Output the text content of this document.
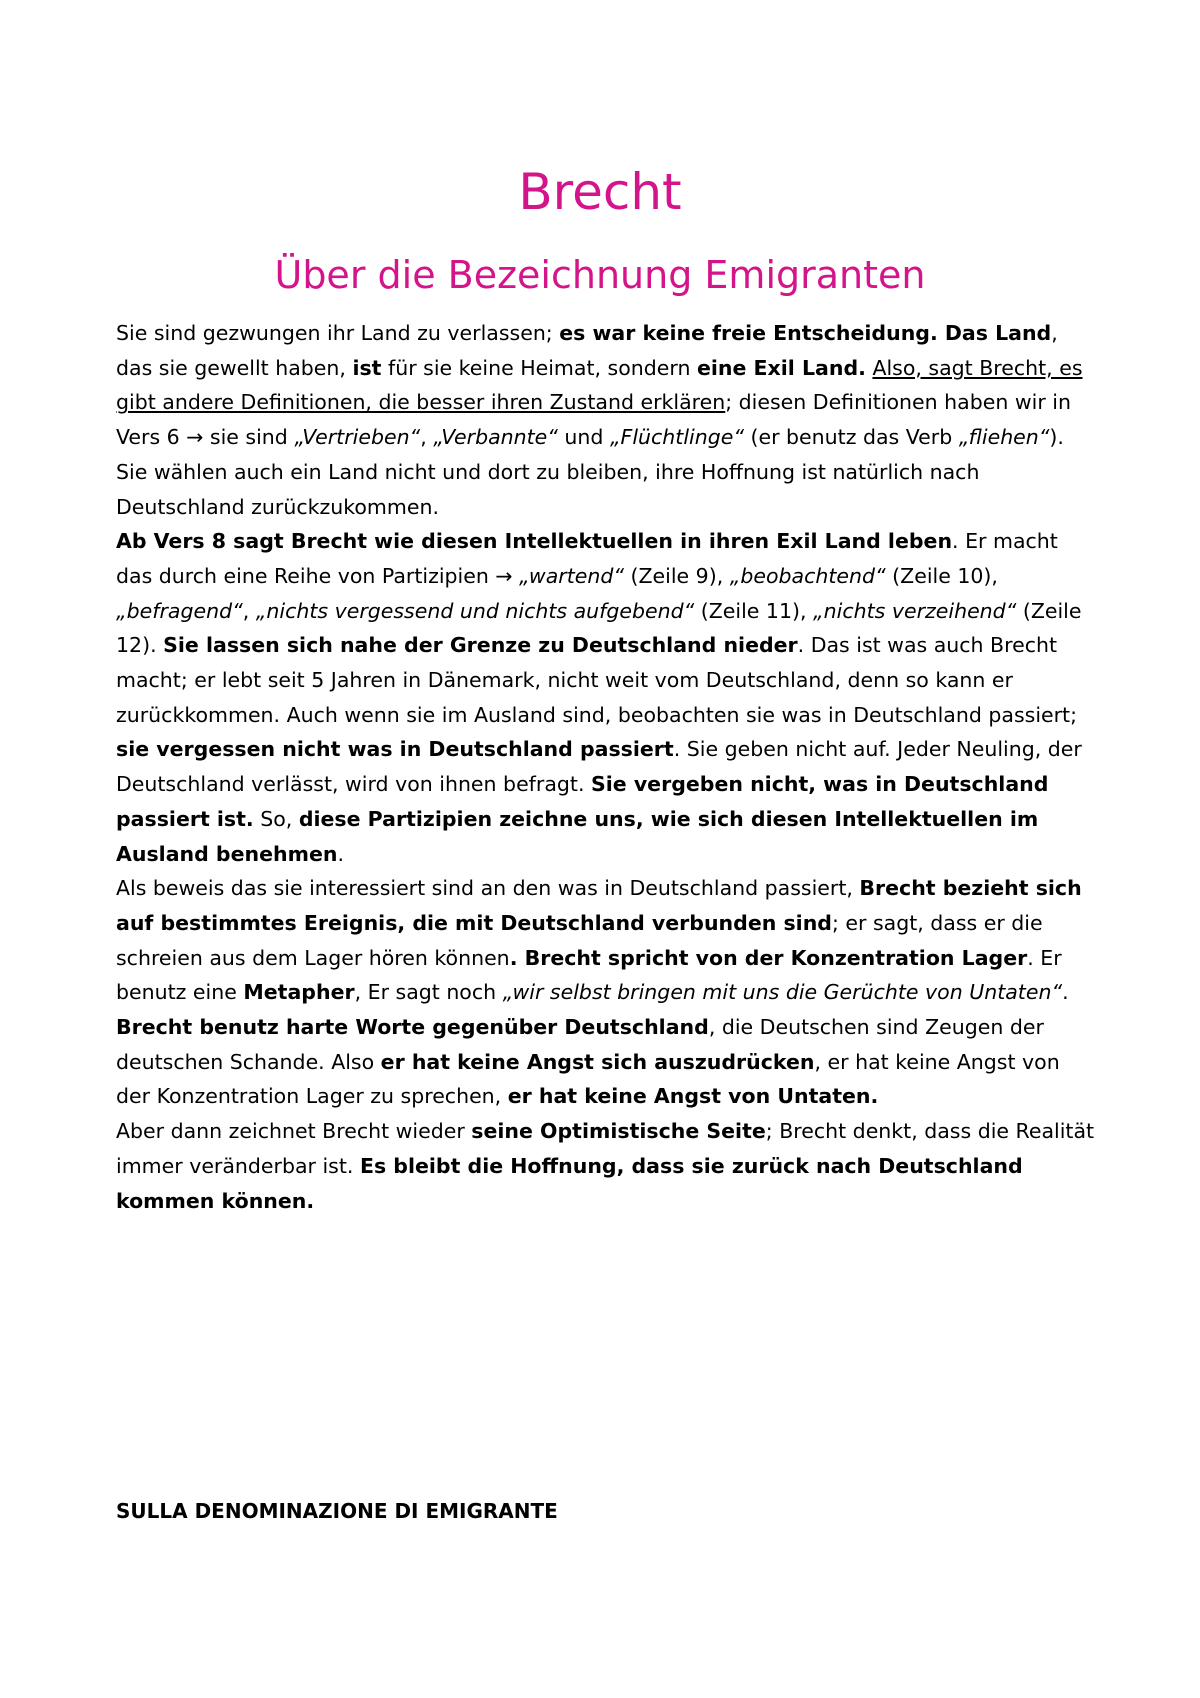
Brecht
Über die Bezeichnung Emigranten

Sie sind gezwungen ihr Land zu verlassen; es war keine freie Entscheidung. Das Land, das sie gewellt haben, ist für sie keine Heimat, sondern eine Exil Land. Also, sagt Brecht, es gibt andere Definitionen, die besser ihren Zustand erklären; diesen Definitionen haben wir in Vers 6 → sie sind „Vertrieben“, „Verbannte“ und „Flüchtlinge“ (er benutz das Verb „fliehen“). Sie wählen auch ein Land nicht und dort zu bleiben, ihre Hoffnung ist natürlich nach Deutschland zurückzukommen.

Ab Vers 8 sagt Brecht wie diesen Intellektuellen in ihren Exil Land leben. Er macht das durch eine Reihe von Partizipien → „wartend“ (Zeile 9), „beobachtend“ (Zeile 10), „befragend“, „nichts vergessend und nichts aufgebend“ (Zeile 11), „nichts verzeihend“ (Zeile 12). Sie lassen sich nahe der Grenze zu Deutschland nieder. Das ist was auch Brecht macht; er lebt seit 5 Jahren in Dänemark, nicht weit vom Deutschland, denn so kann er zurückkommen. Auch wenn sie im Ausland sind, beobachten sie was in Deutschland passiert; sie vergessen nicht was in Deutschland passiert. Sie geben nicht auf. Jeder Neuling, der Deutschland verlässt, wird von ihnen befragt. Sie vergeben nicht, was in Deutschland passiert ist. So, diese Partizipien zeichne uns, wie sich diesen Intellektuellen im Ausland benehmen.

Als beweis das sie interessiert sind an den was in Deutschland passiert, Brecht bezieht sich auf bestimmtes Ereignis, die mit Deutschland verbunden sind; er sagt, dass er die schreien aus dem Lager hören können. Brecht spricht von der Konzentration Lager. Er benutz eine Metapher, Er sagt noch „wir selbst bringen mit uns die Gerüchte von Untaten“. Brecht benutz harte Worte gegenüber Deutschland, die Deutschen sind Zeugen der deutschen Schande. Also er hat keine Angst sich auszudrücken, er hat keine Angst von der Konzentration Lager zu sprechen, er hat keine Angst von Untaten.

Aber dann zeichnet Brecht wieder seine Optimistische Seite; Brecht denkt, dass die Realität immer veränderbar ist. Es bleibt die Hoffnung, dass sie zurück nach Deutschland kommen können.

SULLA DENOMINAZIONE DI EMIGRANTE
